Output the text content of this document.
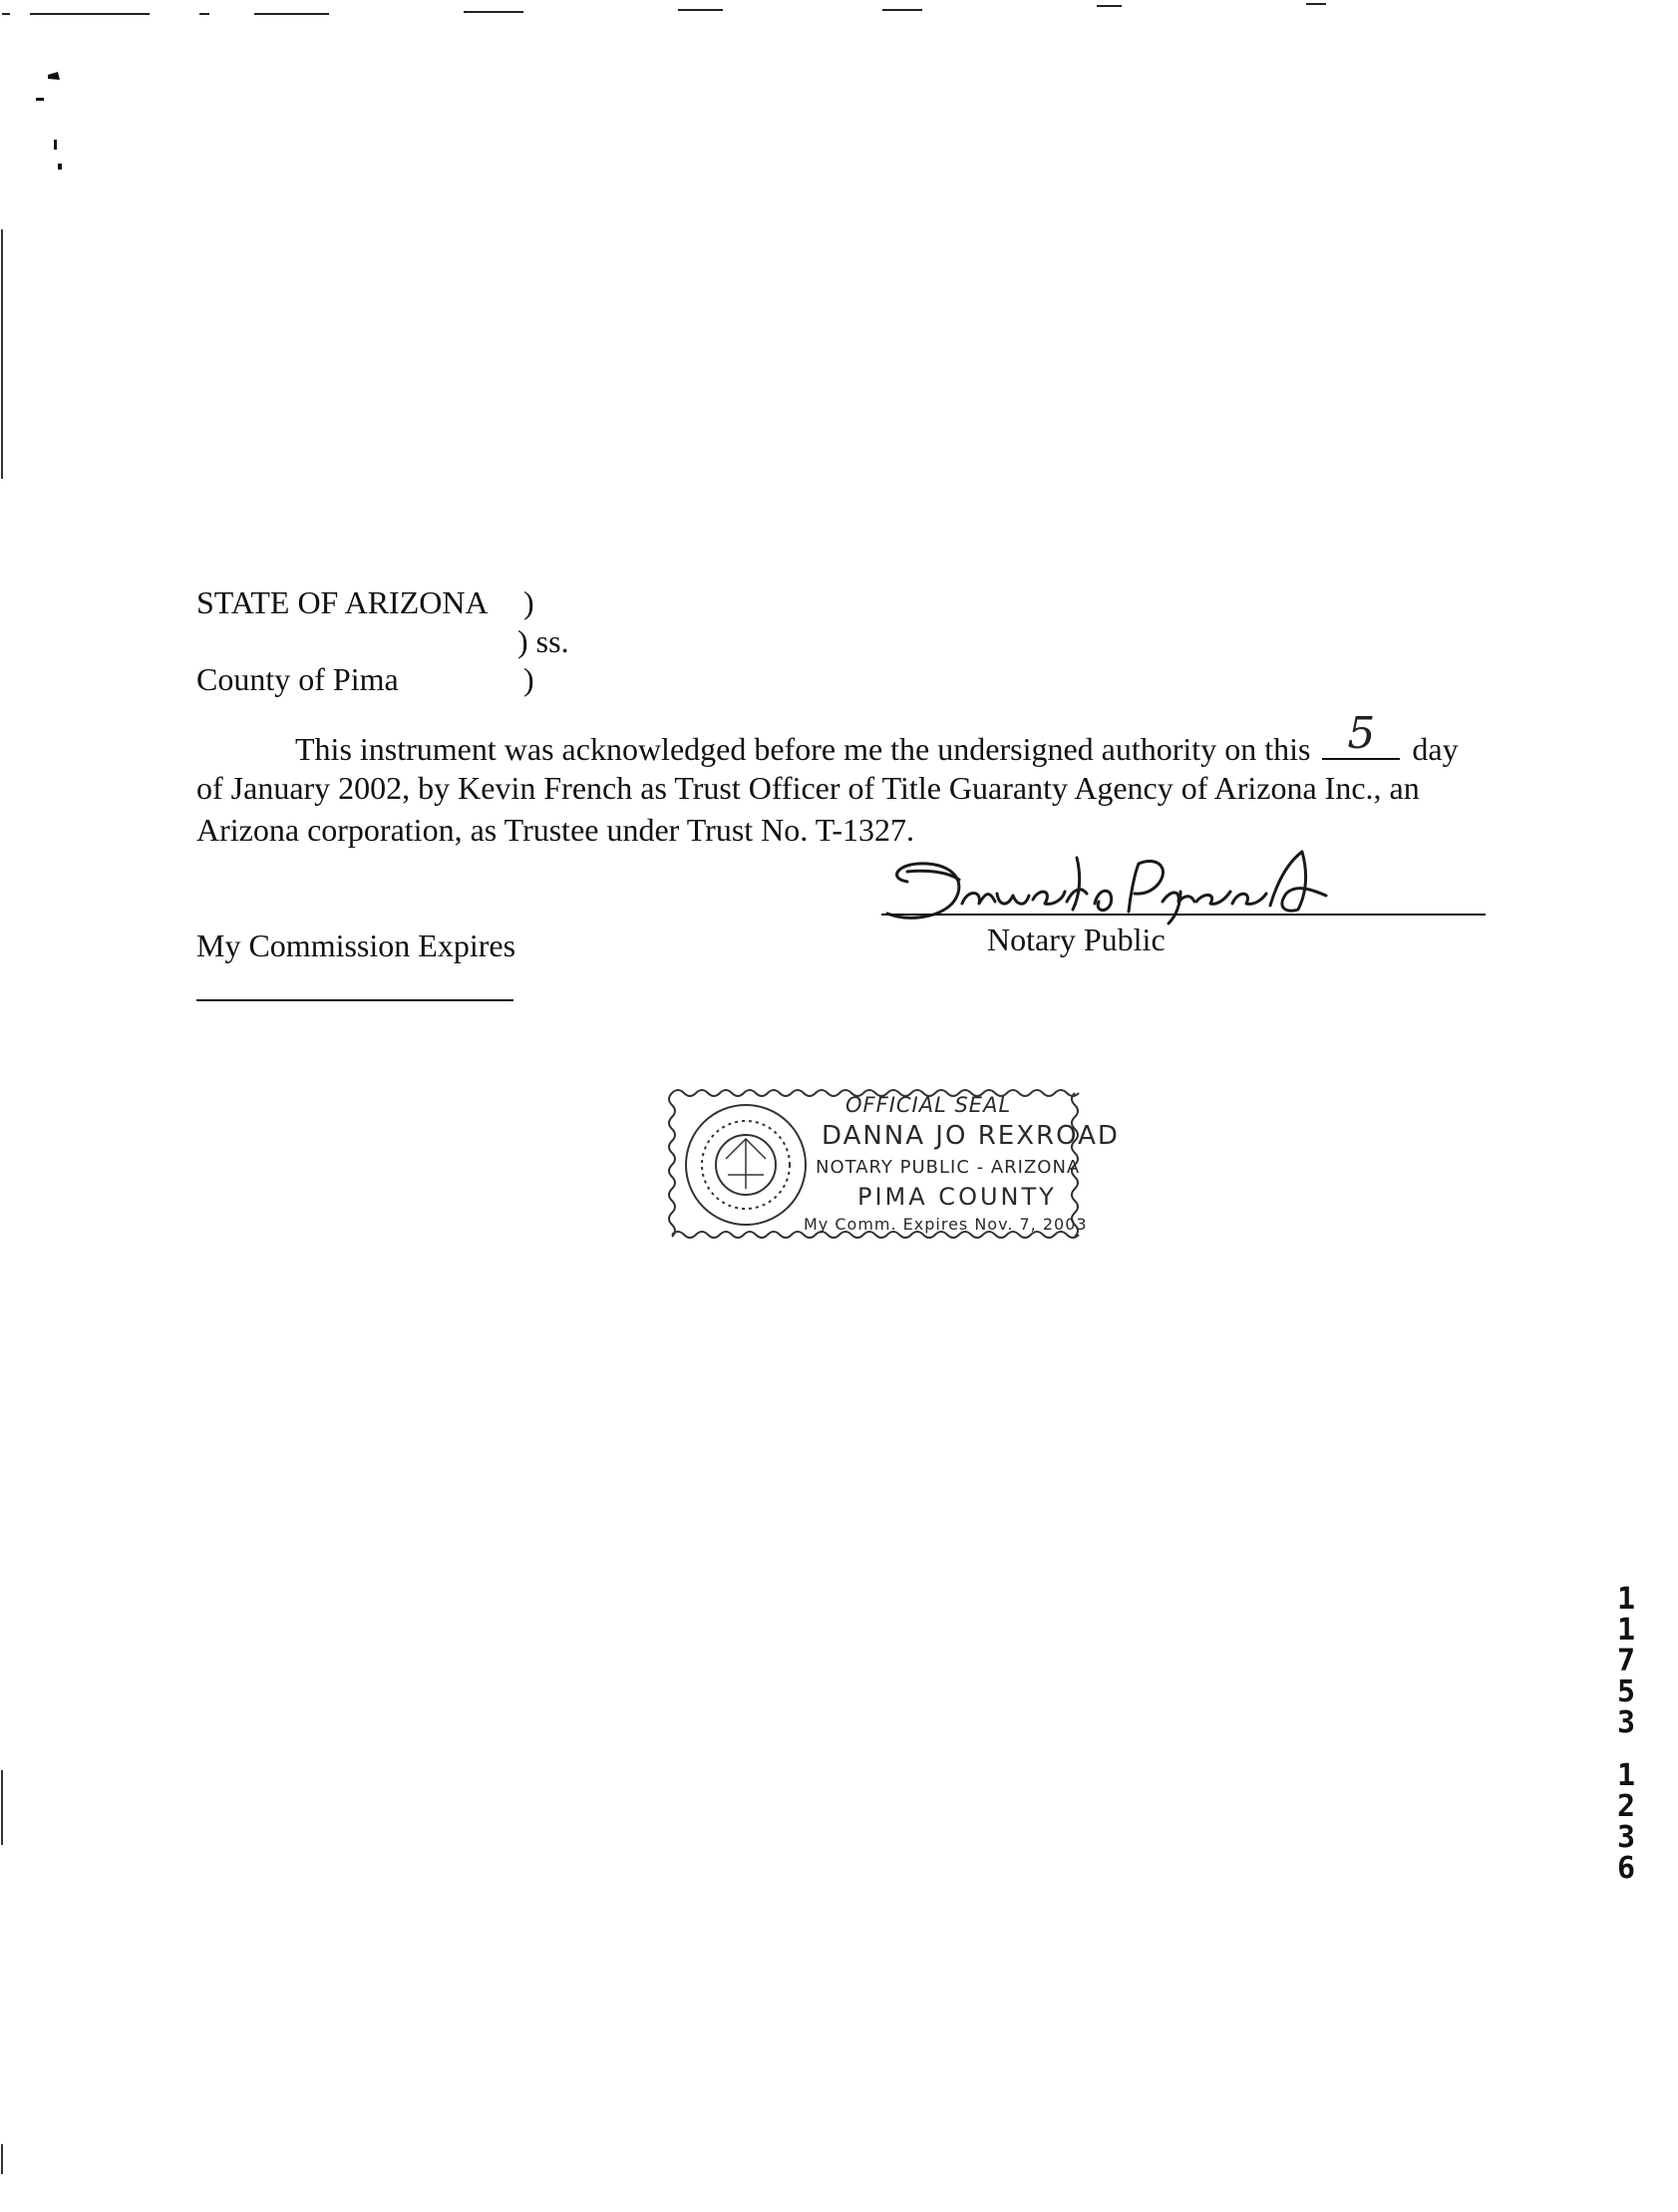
STATE OF ARIZONA )
) ss.
County of Pima	)
This instrument was acknowledged before me the undersigned authority on this 5	day
of January 2002, by Kevin French as Trust Officer of Title Guaranty Agency of Arizona Inc., an
Arizona corporation, as Trustee under Trust No. T-1327.
Notary Public
My Commission Expires
OFFICIAL SEAL
DANNA JO REXROAD
NOTARY PUBLIC - ARIZONA
PIMA COUNTY
My Comm. Expires Nov. 7, 2003
11753
1236
